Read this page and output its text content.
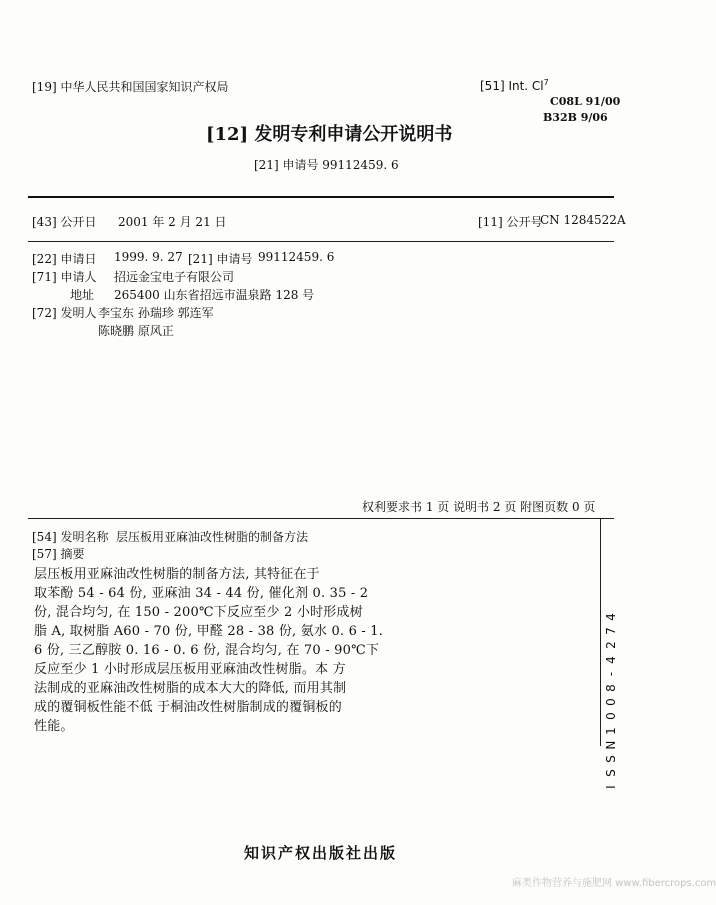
[19] 中华人民共和国国家知识产权局	[51] Int. Cl$^7$
C08L 91/00
B32B 9/06
[12] 发明专利申请公开说明书
[21] 申请号 99112459. 6
[43] 公开日 2001 年 2 月 21 日	[11] 公开号
CN 1284522A
[22] 申请日 1999. 9. 27 [21] 申请号 99112459. 6
[71] 申请人 招远金宝电子有限公司
地址 265400 山东省招远市温泉路 128 号
[72] 发明人 李宝东 孙瑞珍 郭连军
陈晓鹏 原风正
权利要求书 1 页 说明书 2 页 附图页数 0 页
[54] 发明名称 层压板用亚麻油改性树脂的制备方法
[57] 摘要
层压板用亚麻油改性树脂的制备方法, 其特征在于
取苯酚 54 - 64 份, 亚麻油 34 - 44 份, 催化剂 0. 35 - 2
份, 混合均匀, 在 150 - 200℃下反应至少 2 小时形成树
脂 A, 取树脂 A60 - 70 份, 甲醛 28 - 38 份, 氨水 0. 6 - 1.
6 份, 三乙醇胺 0. 16 - 0. 6 份, 混合均匀, 在 70 - 90℃下
反应至少 1 小时形成层压板用亚麻油改性树脂。本 方
法制成的亚麻油改性树脂的成本大大的降低, 而用其制
成的覆铜板性能不低 于桐油改性树脂制成的覆铜板的
性能。
4
7
2
4
-
8
0
0
1
N
S
S
I
知识产权出版社出版
麻类作物营养与施肥网 www.fibercrops.com
